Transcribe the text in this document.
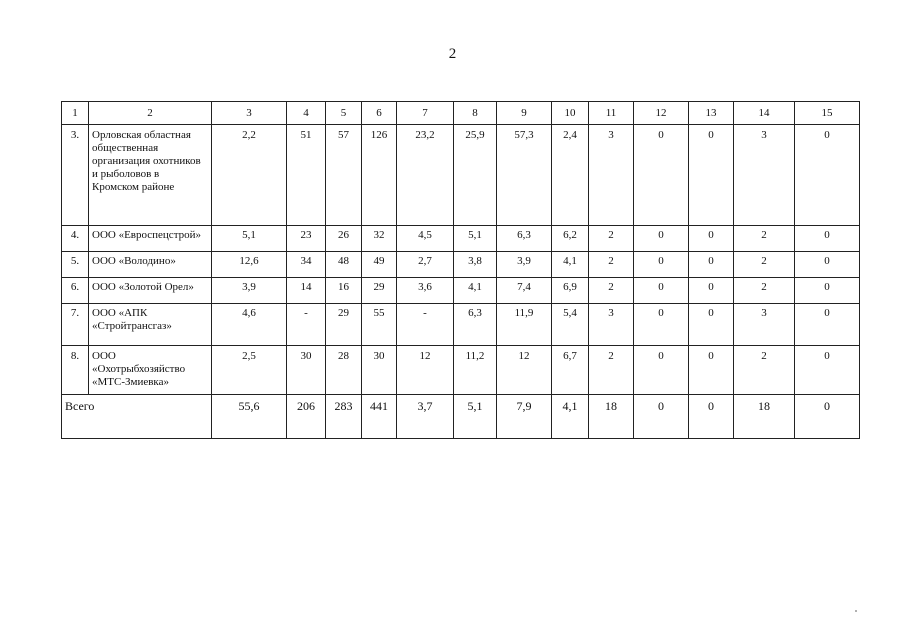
2
1	2	3	4	5	6	7	8	9	10	11	12	13	14	15
3.	Орловская областная общественная организация охотников и рыболовов в Кромском районе	2,2	51	57	126	23,2	25,9	57,3	2,4	3	0	0	3	0
4.	ООО «Евроспецстрой»	5,1	23	26	32	4,5	5,1	6,3	6,2	2	0	0	2	0
5.	ООО «Володино»	12,6	34	48	49	2,7	3,8	3,9	4,1	2	0	0	2	0
6.	ООО «Золотой Орел»	3,9	14	16	29	3,6	4,1	7,4	6,9	2	0	0	2	0
7.	ООО «АПК «Стройтрансгаз»	4,6	-	29	55	-	6,3	11,9	5,4	3	0	0	3	0
8.	ООО «Охотрыбхозяйство «МТС-Змиевка»	2,5	30	28	30	12	11,2	12	6,7	2	0	0	2	0
Всего		55,6	206	283	441	3,7	5,1	7,9	4,1	18	0	0	18	0
